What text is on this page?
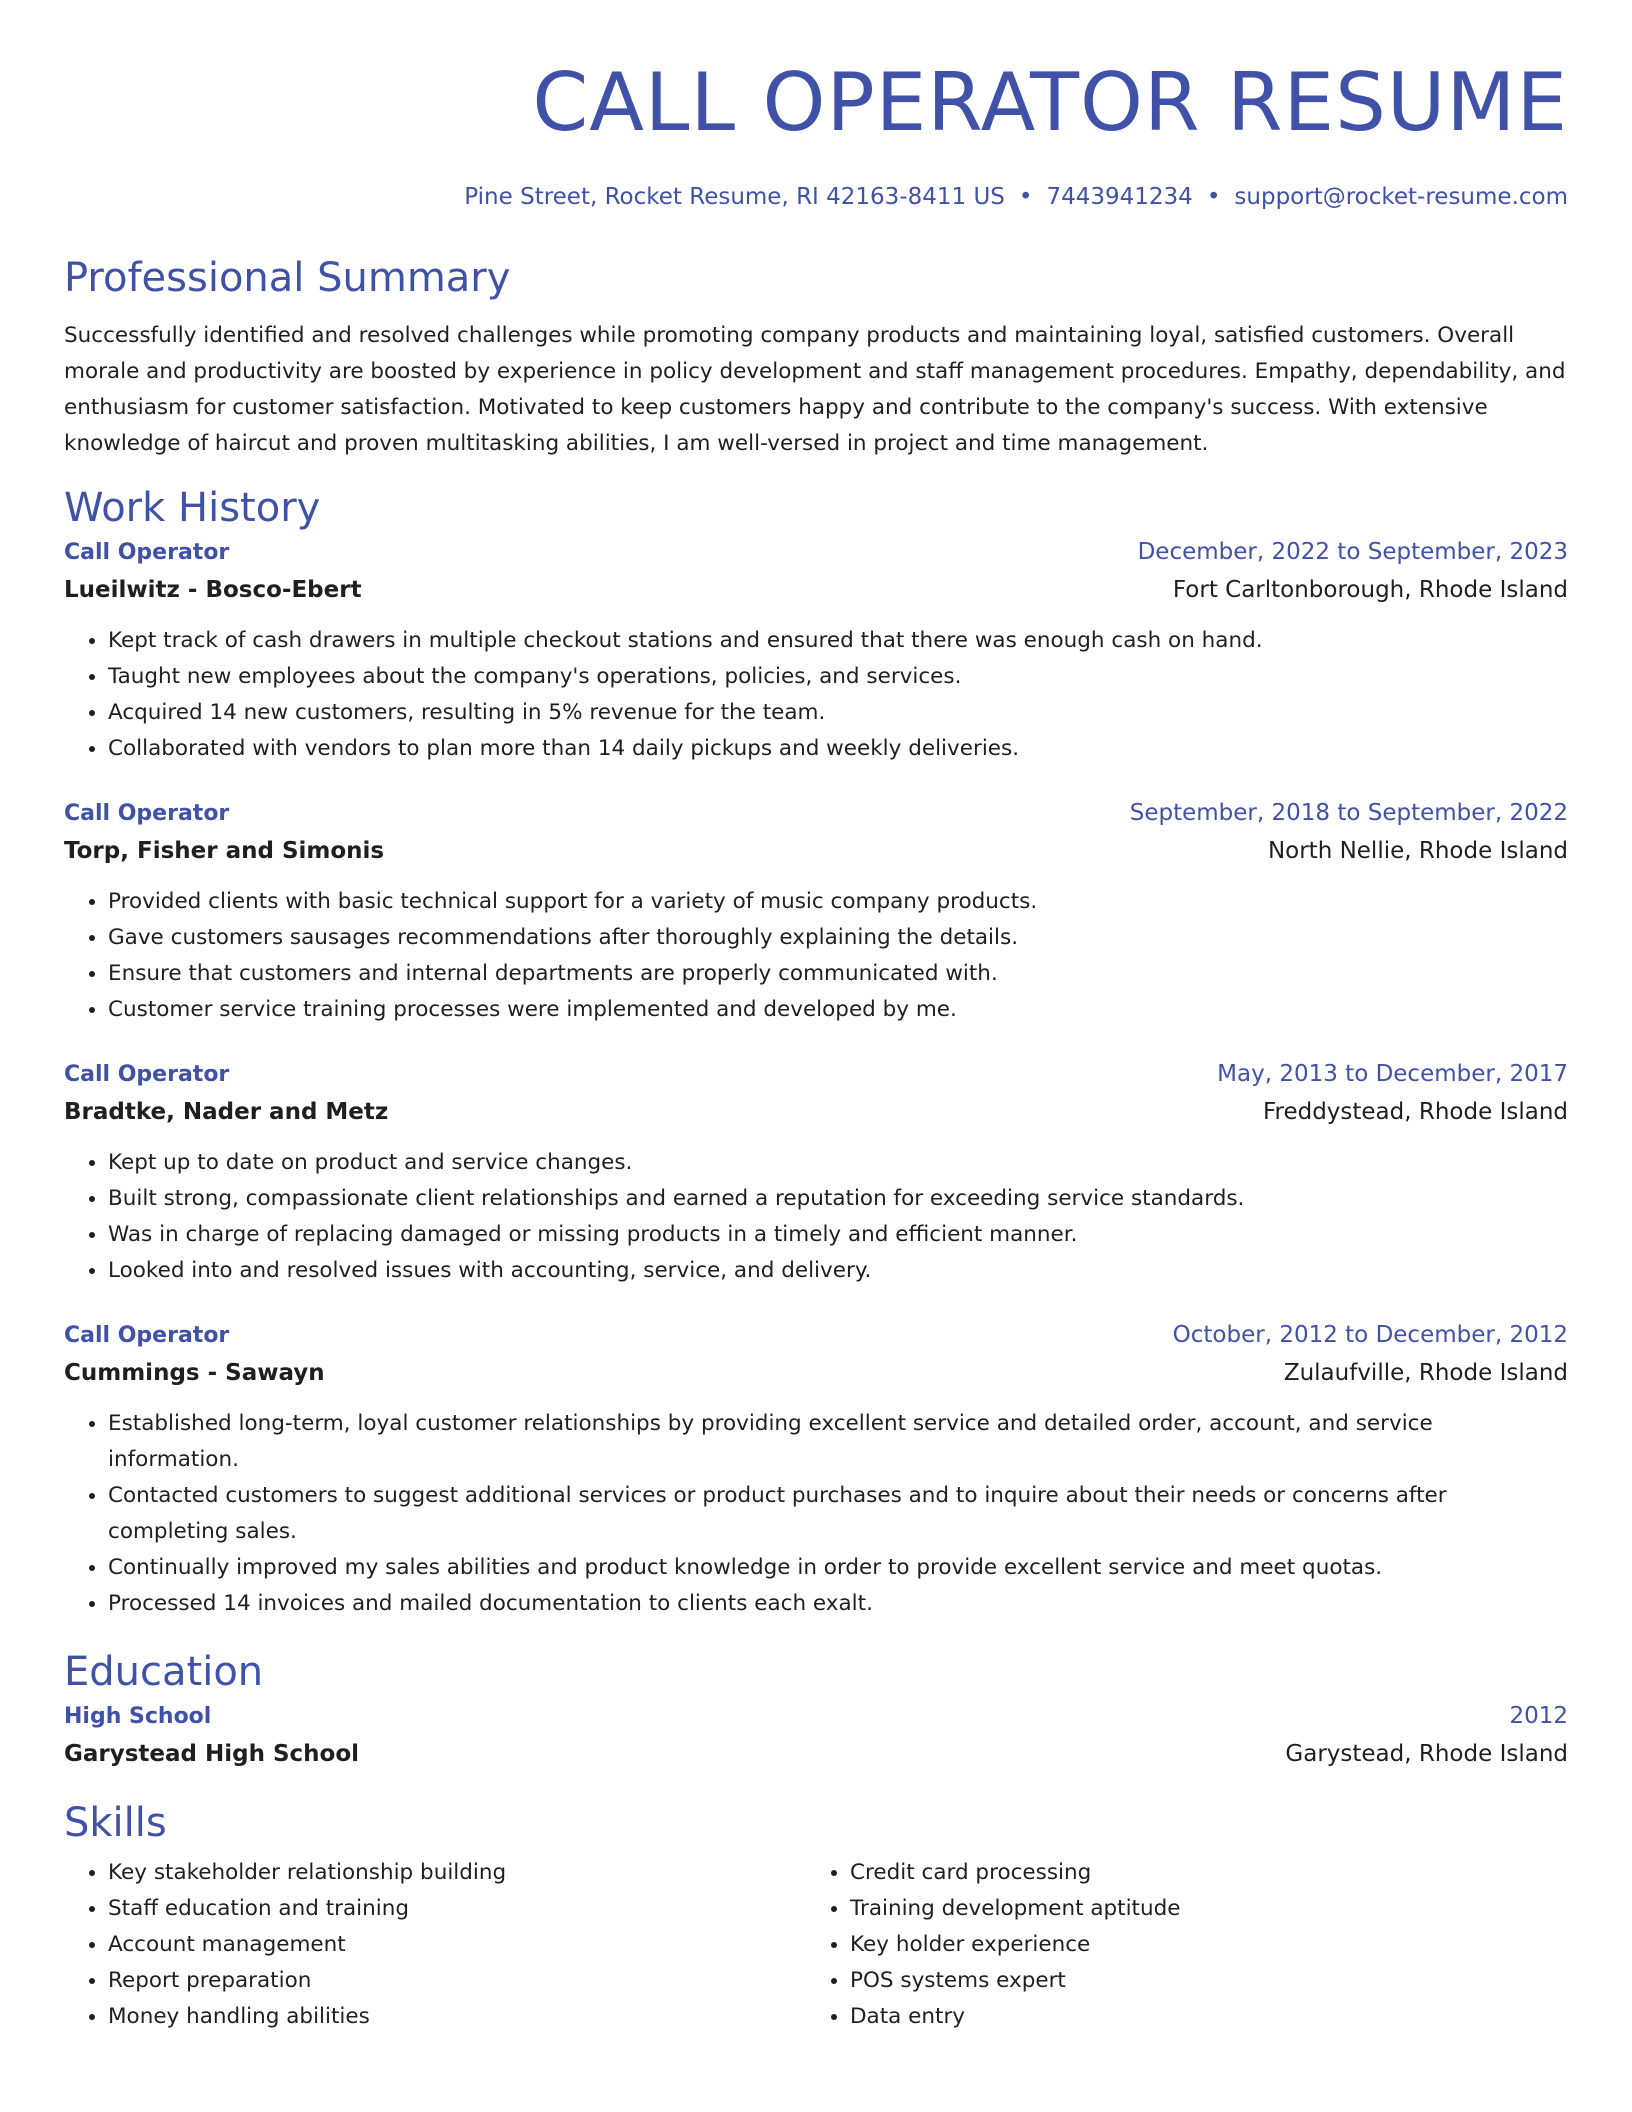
CALL OPERATOR RESUME
Pine Street, Rocket Resume, RI 42163-8411 US • 7443941234 • support@rocket-resume.com
Professional Summary
Successfully identified and resolved challenges while promoting company products and maintaining loyal, satisfied customers. Overall morale and productivity are boosted by experience in policy development and staff management procedures. Empathy, dependability, and enthusiasm for customer satisfaction. Motivated to keep customers happy and contribute to the company's success. With extensive knowledge of haircut and proven multitasking abilities, I am well-versed in project and time management.
Work History
Call Operator	December, 2022 to September, 2023
Lueilwitz - Bosco-Ebert	Fort Carltonborough, Rhode Island
• Kept track of cash drawers in multiple checkout stations and ensured that there was enough cash on hand.
• Taught new employees about the company's operations, policies, and services.
• Acquired 14 new customers, resulting in 5% revenue for the team.
• Collaborated with vendors to plan more than 14 daily pickups and weekly deliveries.
Call Operator	September, 2018 to September, 2022
Torp, Fisher and Simonis	North Nellie, Rhode Island
• Provided clients with basic technical support for a variety of music company products.
• Gave customers sausages recommendations after thoroughly explaining the details.
• Ensure that customers and internal departments are properly communicated with.
• Customer service training processes were implemented and developed by me.
Call Operator	May, 2013 to December, 2017
Bradtke, Nader and Metz	Freddystead, Rhode Island
• Kept up to date on product and service changes.
• Built strong, compassionate client relationships and earned a reputation for exceeding service standards.
• Was in charge of replacing damaged or missing products in a timely and efficient manner.
• Looked into and resolved issues with accounting, service, and delivery.
Call Operator	October, 2012 to December, 2012
Cummings - Sawayn	Zulaufville, Rhode Island
• Established long-term, loyal customer relationships by providing excellent service and detailed order, account, and service information.
• Contacted customers to suggest additional services or product purchases and to inquire about their needs or concerns after completing sales.
• Continually improved my sales abilities and product knowledge in order to provide excellent service and meet quotas.
• Processed 14 invoices and mailed documentation to clients each exalt.
Education
High School	2012
Garystead High School	Garystead, Rhode Island
Skills
• Key stakeholder relationship building
• Staff education and training
• Account management
• Report preparation
• Money handling abilities
• Credit card processing
• Training development aptitude
• Key holder experience
• POS systems expert
• Data entry
